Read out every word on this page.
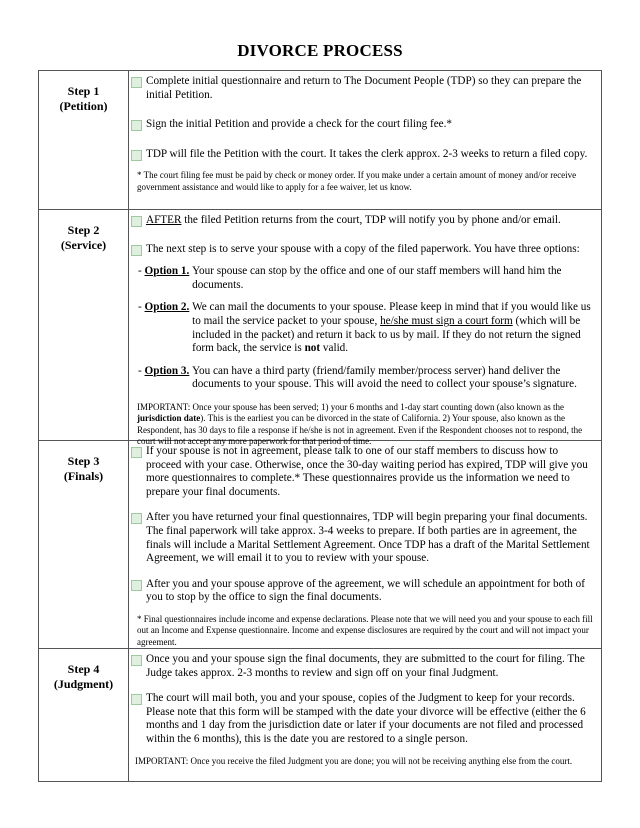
DIVORCE PROCESS
Step 1
(Petition)
Complete initial questionnaire and return to The Document People (TDP) so they can prepare the initial Petition.
Sign the initial Petition and provide a check for the court filing fee.*
TDP will file the Petition with the court. It takes the clerk approx. 2-3 weeks to return a filed copy.
* The court filing fee must be paid by check or money order. If you make under a certain amount of money and/or receive government assistance and would like to apply for a fee waiver, let us know.
Step 2
(Service)
AFTER the filed Petition returns from the court, TDP will notify you by phone and/or email.
The next step is to serve your spouse with a copy of the filed paperwork. You have three options:
- Option 1. Your spouse can stop by the office and one of our staff members will hand him the documents.
- Option 2. We can mail the documents to your spouse. Please keep in mind that if you would like us to mail the service packet to your spouse, he/she must sign a court form (which will be included in the packet) and return it back to us by mail. If they do not return the signed form back, the service is not valid.
- Option 3. You can have a third party (friend/family member/process server) hand deliver the documents to your spouse. This will avoid the need to collect your spouse’s signature.
IMPORTANT: Once your spouse has been served; 1) your 6 months and 1-day start counting down (also known as the jurisdiction date). This is the earliest you can be divorced in the state of California. 2) Your spouse, also known as the Respondent, has 30 days to file a response if he/she is not in agreement. Even if the Respondent chooses not to respond, the court will not accept any more paperwork for that period of time.
Step 3
(Finals)
If your spouse is not in agreement, please talk to one of our staff members to discuss how to proceed with your case. Otherwise, once the 30-day waiting period has expired, TDP will give you more questionnaires to complete.* These questionnaires provide us the information we need to prepare your final documents.
After you have returned your final questionnaires, TDP will begin preparing your final documents. The final paperwork will take approx. 3-4 weeks to prepare. If both parties are in agreement, the finals will include a Marital Settlement Agreement. Once TDP has a draft of the Marital Settlement Agreement, we will email it to you to review with your spouse.
After you and your spouse approve of the agreement, we will schedule an appointment for both of you to stop by the office to sign the final documents.
* Final questionnaires include income and expense declarations. Please note that we will need you and your spouse to each fill out an Income and Expense questionnaire. Income and expense disclosures are required by the court and will not impact your agreement.
Step 4
(Judgment)
Once you and your spouse sign the final documents, they are submitted to the court for filing. The Judge takes approx. 2-3 months to review and sign off on your final Judgment.
The court will mail both, you and your spouse, copies of the Judgment to keep for your records. Please note that this form will be stamped with the date your divorce will be effective (either the 6 months and 1 day from the jurisdiction date or later if your documents are not filed and processed within the 6 months), this is the date you are restored to a single person.
IMPORTANT: Once you receive the filed Judgment you are done; you will not be receiving anything else from the court.
